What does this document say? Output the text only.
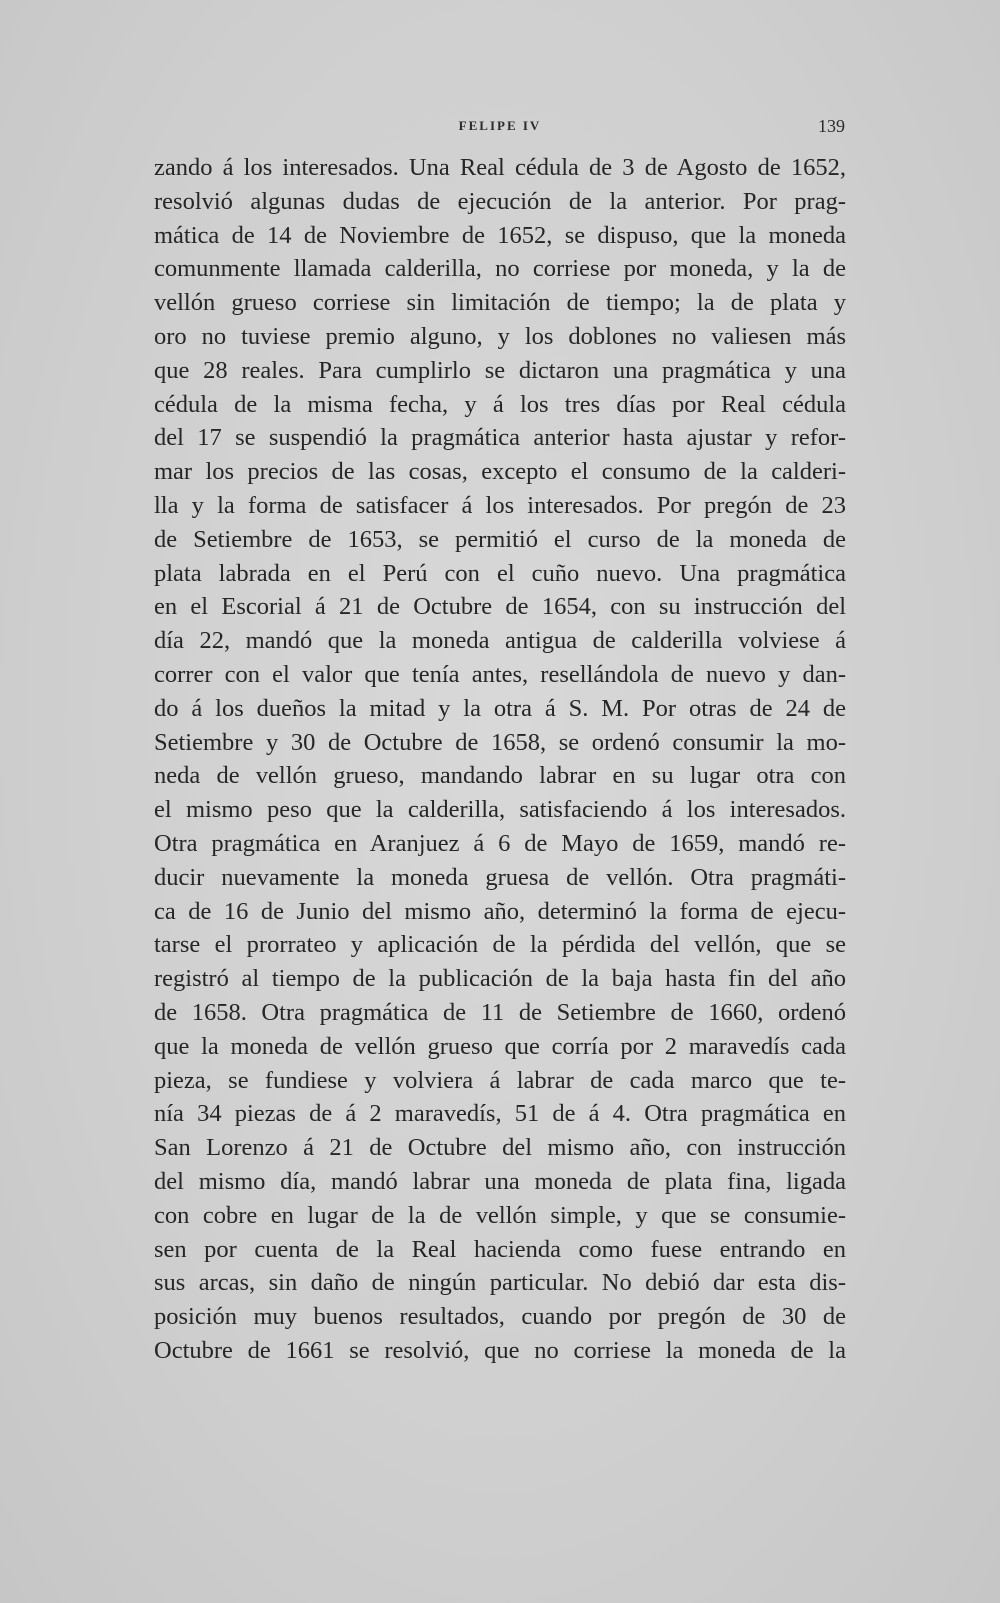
FELIPE IV	139
zando á los interesados. Una Real cédula de 3 de Agosto de 1652,
resolvió algunas dudas de ejecución de la anterior. Por prag-
mática de 14 de Noviembre de 1652, se dispuso, que la moneda
comunmente llamada calderilla, no corriese por moneda, y la de
vellón grueso corriese sin limitación de tiempo; la de plata y
oro no tuviese premio alguno, y los doblones no valiesen más
que 28 reales. Para cumplirlo se dictaron una pragmática y una
cédula de la misma fecha, y á los tres días por Real cédula
del 17 se suspendió la pragmática anterior hasta ajustar y refor-
mar los precios de las cosas, excepto el consumo de la calderi-
lla y la forma de satisfacer á los interesados. Por pregón de 23
de Setiembre de 1653, se permitió el curso de la moneda de
plata labrada en el Perú con el cuño nuevo. Una pragmática
en el Escorial á 21 de Octubre de 1654, con su instrucción del
día 22, mandó que la moneda antigua de calderilla volviese á
correr con el valor que tenía antes, resellándola de nuevo y dan-
do á los dueños la mitad y la otra á S. M. Por otras de 24 de
Setiembre y 30 de Octubre de 1658, se ordenó consumir la mo-
neda de vellón grueso, mandando labrar en su lugar otra con
el mismo peso que la calderilla, satisfaciendo á los interesados.
Otra pragmática en Aranjuez á 6 de Mayo de 1659, mandó re-
ducir nuevamente la moneda gruesa de vellón. Otra pragmáti-
ca de 16 de Junio del mismo año, determinó la forma de ejecu-
tarse el prorrateo y aplicación de la pérdida del vellón, que se
registró al tiempo de la publicación de la baja hasta fin del año
de 1658. Otra pragmática de 11 de Setiembre de 1660, ordenó
que la moneda de vellón grueso que corría por 2 maravedís cada
pieza, se fundiese y volviera á labrar de cada marco que te-
nía 34 piezas de á 2 maravedís, 51 de á 4. Otra pragmática en
San Lorenzo á 21 de Octubre del mismo año, con instrucción
del mismo día, mandó labrar una moneda de plata fina, ligada
con cobre en lugar de la de vellón simple, y que se consumie-
sen por cuenta de la Real hacienda como fuese entrando en
sus arcas, sin daño de ningún particular. No debió dar esta dis-
posición muy buenos resultados, cuando por pregón de 30 de
Octubre de 1661 se resolvió, que no corriese la moneda de la
